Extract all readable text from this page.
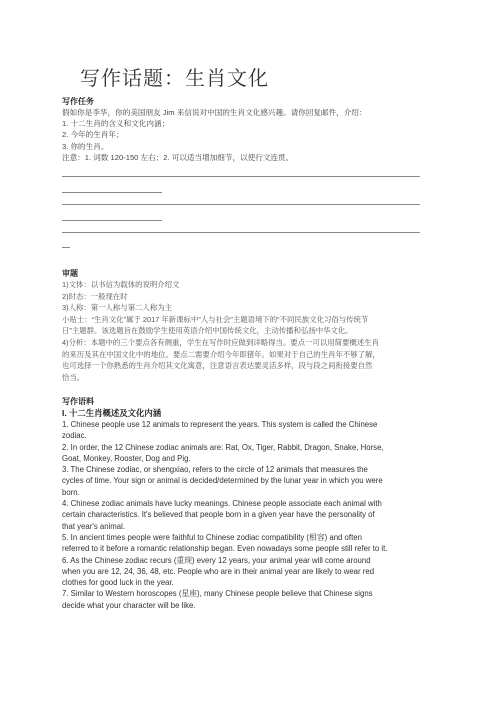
写作话题：生肖文化

写作任务

假如你是李华，你的美国朋友 Jim 来信说对中国的生肖文化感兴趣。请你回复邮件，介绍：

1. 十二生肖的含义和文化内涵；

2. 今年的生肖年；

3. 你的生肖。

注意：1. 词数 120-150 左右；2. 可以适当增加细节，以使行文连贯。

审题

1)文体：以书信为载体的说明介绍文

2)时态：一般现在时

3)人称：第一人称与第二人称为主

小贴士：“生肖文化”属于 2017 年新课标中“人与社会”主题语境下的“不同民族文化习俗与传统节

日”主题群。该选题旨在鼓励学生使用英语介绍中国传统文化，主动传播和弘扬中华文化。

4)分析：本题中的三个要点各有侧重，学生在写作时应做到详略得当。要点一可以用简要概述生肖

的来历及其在中国文化中的地位。要点二需要介绍今年即猪年。如果对于自己的生肖年不够了解，

也可选择一个你熟悉的生肖介绍其文化寓意，注意语言表达要灵活多样，段与段之间衔接要自然

恰当。

写作语料

I. 十二生肖概述及文化内涵

1. Chinese people use 12 animals to represent the years. This system is called the Chinese

zodiac.

2. In order, the 12 Chinese zodiac animals are: Rat, Ox, Tiger, Rabbit, Dragon, Snake, Horse,

Goat, Monkey, Rooster, Dog and Pig.

3. The Chinese zodiac, or shengxiao, refers to the circle of 12 animals that measures the

cycles of time. Your sign or animal is decided/determined by the lunar year in which you were

born.

4. Chinese zodiac animals have lucky meanings. Chinese people associate each animal with

certain characteristics. It's believed that people born in a given year have the personality of

that year's animal.

5. In ancient times people were faithful to Chinese zodiac compatibility (相容) and often

referred to it before a romantic relationship began. Even nowadays some people still refer to it.

6. As the Chinese zodiac recurs (重现) every 12 years, your animal year will come around

when you are 12, 24, 36, 48, etc. People who are in their animal year are likely to wear red

clothes for good luck in the year.

7. Similar to Western horoscopes (星座), many Chinese people believe that Chinese signs

decide what your character will be like.
